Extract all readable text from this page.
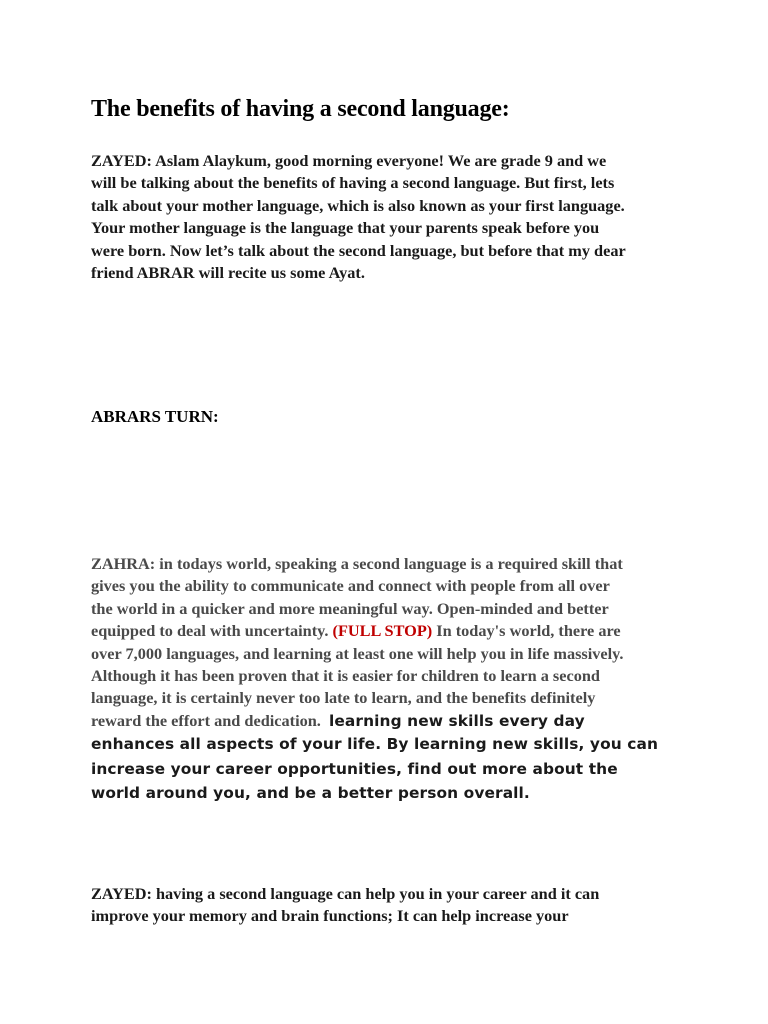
The benefits of having a second language:

ZAYED: Aslam Alaykum, good morning everyone! We are grade 9 and we
will be talking about the benefits of having a second language. But first, lets
talk about your mother language, which is also known as your first language.
Your mother language is the language that your parents speak before you
were born. Now let’s talk about the second language, but before that my dear
friend ABRAR will recite us some Ayat.

ABRARS TURN:

ZAHRA: in todays world, speaking a second language is a required skill that
gives you the ability to communicate and connect with people from all over
the world in a quicker and more meaningful way. Open-minded and better
equipped to deal with uncertainty. (FULL STOP) In today's world, there are
over 7,000 languages, and learning at least one will help you in life massively.
Although it has been proven that it is easier for children to learn a second
language, it is certainly never too late to learn, and the benefits definitely
reward the effort and dedication. learning new skills every day
enhances all aspects of your life. By learning new skills, you can
increase your career opportunities, find out more about the
world around you, and be a better person overall.

ZAYED: having a second language can help you in your career and it can
improve your memory and brain functions; It can help increase your
